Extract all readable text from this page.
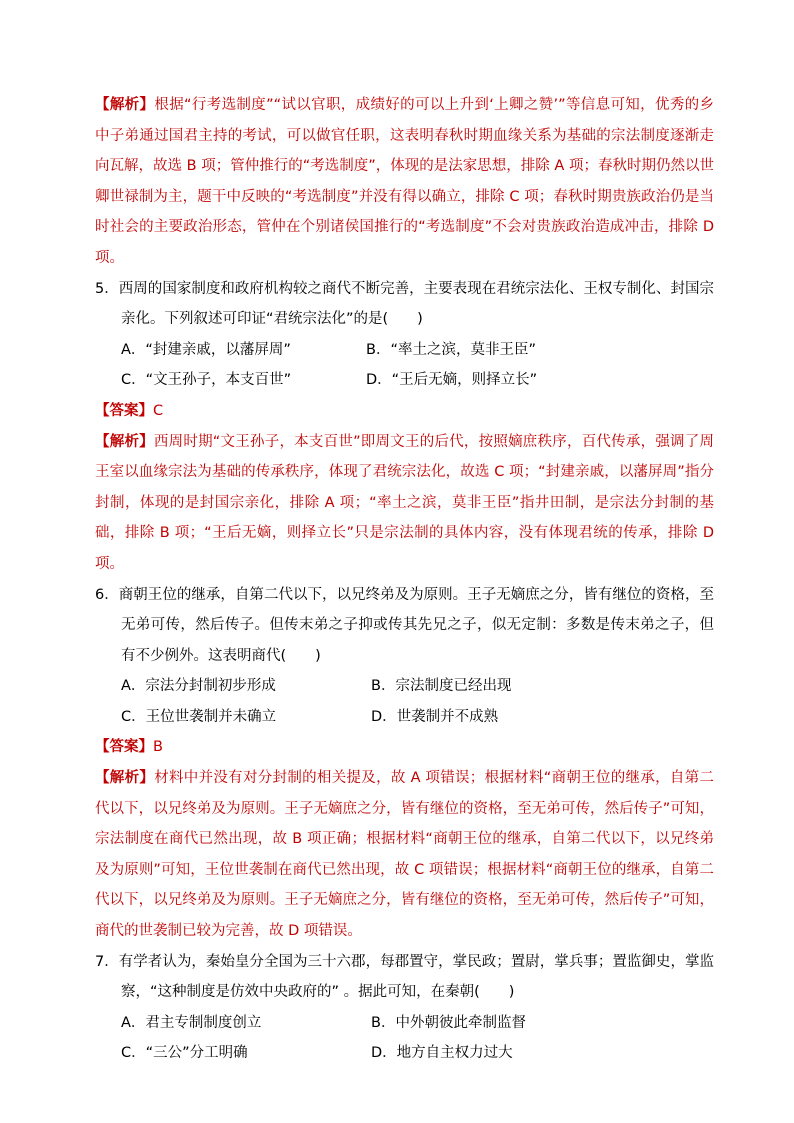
【解析】根据“行考选制度”“试以官职，成绩好的可以上升到‘上卿之赞’”等信息可知，优秀的乡中子弟通过国君主持的考试，可以做官任职，这表明春秋时期血缘关系为基础的宗法制度逐渐走向瓦解，故选 B 项；管仲推行的“考选制度”，体现的是法家思想，排除 A 项；春秋时期仍然以世卿世禄制为主，题干中反映的“考选制度”并没有得以确立，排除 C 项；春秋时期贵族政治仍是当时社会的主要政治形态，管仲在个别诸侯国推行的“考选制度”不会对贵族政治造成冲击，排除 D 项。

5．西周的国家制度和政府机构较之商代不断完善，主要表现在君统宗法化、王权专制化、封国宗亲化。下列叙述可印证“君统宗法化”的是(　　)

A．“封建亲戚，以藩屏周”	B．“率土之滨，莫非王臣”
C．“文王孙子，本支百世”	D．“王后无嫡，则择立长”
【答案】C

【解析】西周时期“文王孙子，本支百世”即周文王的后代，按照嫡庶秩序，百代传承，强调了周王室以血缘宗法为基础的传承秩序，体现了君统宗法化，故选 C 项；“封建亲戚，以藩屏周”指分封制，体现的是封国宗亲化，排除 A 项；“率土之滨，莫非王臣”指井田制，是宗法分封制的基础，排除 B 项；“王后无嫡，则择立长”只是宗法制的具体内容，没有体现君统的传承，排除 D 项。

6．商朝王位的继承，自第二代以下，以兄终弟及为原则。王子无嫡庶之分，皆有继位的资格，至无弟可传，然后传子。但传末弟之子抑或传其先兄之子，似无定制：多数是传末弟之子，但有不少例外。这表明商代(　　)

A．宗法分封制初步形成	B．宗法制度已经出现
C．王位世袭制并未确立	D．世袭制并不成熟
【答案】B

【解析】材料中并没有对分封制的相关提及，故 A 项错误；根据材料“商朝王位的继承，自第二代以下，以兄终弟及为原则。王子无嫡庶之分，皆有继位的资格，至无弟可传，然后传子”可知，宗法制度在商代已然出现，故 B 项正确；根据材料“商朝王位的继承，自第二代以下，以兄终弟及为原则”可知，王位世袭制在商代已然出现，故 C 项错误；根据材料“商朝王位的继承，自第二代以下，以兄终弟及为原则。王子无嫡庶之分，皆有继位的资格，至无弟可传，然后传子”可知，商代的世袭制已较为完善，故 D 项错误。

7．有学者认为，秦始皇分全国为三十六郡，每郡置守，掌民政；置尉，掌兵事；置监御史，掌监察，“这种制度是仿效中央政府的” 。据此可知，在秦朝(　　)

A．君主专制制度创立	B．中外朝彼此牵制监督
C．“三公”分工明确	D．地方自主权力过大
